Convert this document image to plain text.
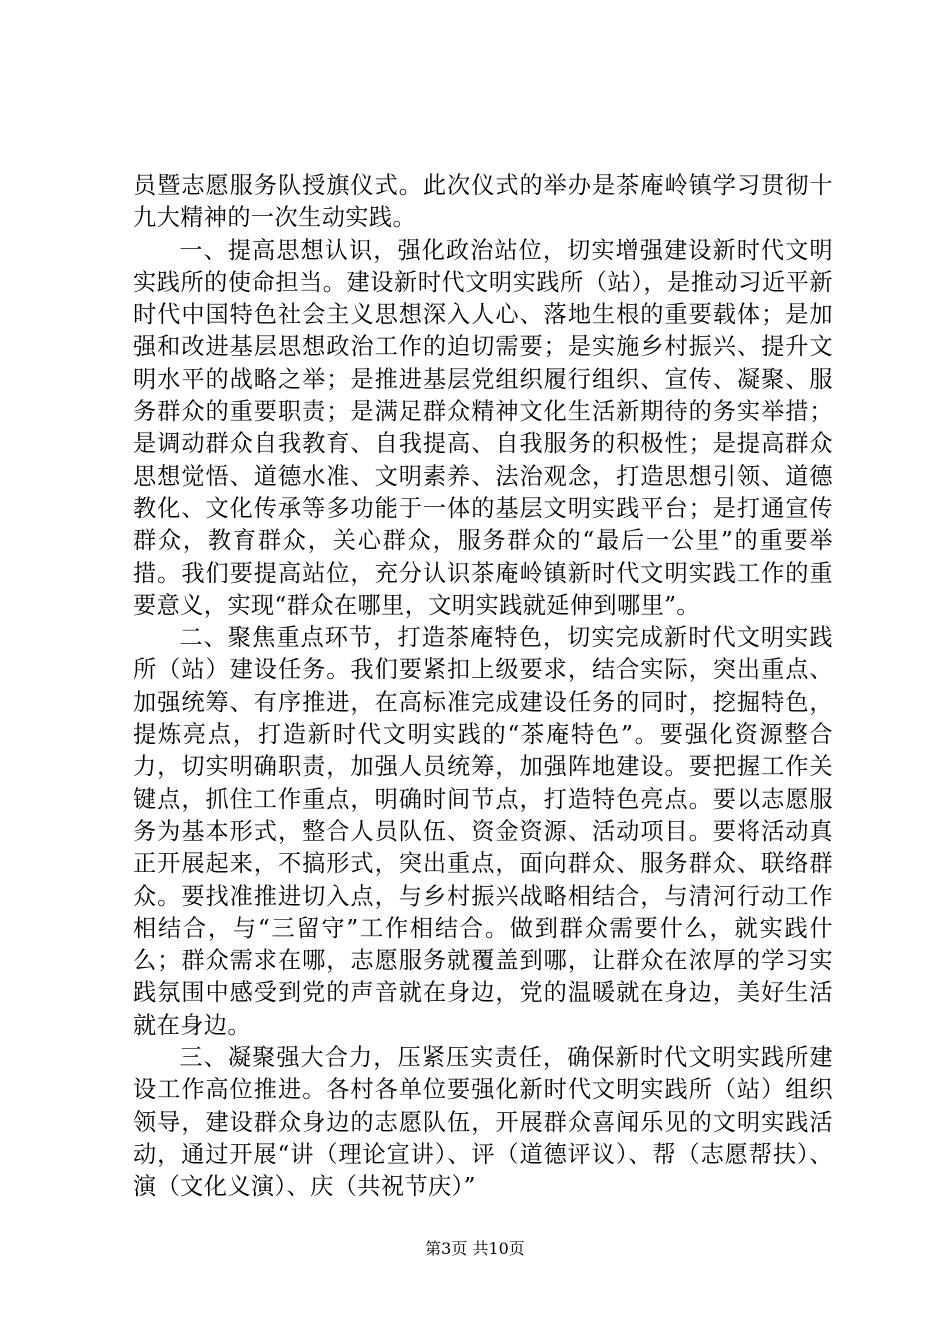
员暨志愿服务队授旗仪式。此次仪式的举办是茶庵岭镇学习贯彻十九大精神的一次生动实践。

一、提高思想认识，强化政治站位，切实增强建设新时代文明实践所的使命担当。建设新时代文明实践所（站），是推动习近平新时代中国特色社会主义思想深入人心、落地生根的重要载体；是加强和改进基层思想政治工作的迫切需要；是实施乡村振兴、提升文明水平的战略之举；是推进基层党组织履行组织、宣传、凝聚、服务群众的重要职责；是满足群众精神文化生活新期待的务实举措；是调动群众自我教育、自我提高、自我服务的积极性；是提高群众思想觉悟、道德水准、文明素养、法治观念，打造思想引领、道德教化、文化传承等多功能于一体的基层文明实践平台；是打通宣传群众，教育群众，关心群众，服务群众的“最后一公里”的重要举措。我们要提高站位，充分认识茶庵岭镇新时代文明实践工作的重要意义，实现“群众在哪里，文明实践就延伸到哪里”。

二、聚焦重点环节，打造茶庵特色，切实完成新时代文明实践所（站）建设任务。我们要紧扣上级要求，结合实际，突出重点、加强统筹、有序推进，在高标准完成建设任务的同时，挖掘特色，提炼亮点，打造新时代文明实践的“茶庵特色”。要强化资源整合力，切实明确职责，加强人员统筹，加强阵地建设。要把握工作关键点，抓住工作重点，明确时间节点，打造特色亮点。要以志愿服务为基本形式，整合人员队伍、资金资源、活动项目。要将活动真正开展起来，不搞形式，突出重点，面向群众、服务群众、联络群众。要找准推进切入点，与乡村振兴战略相结合，与清河行动工作相结合，与“三留守”工作相结合。做到群众需要什么，就实践什么；群众需求在哪，志愿服务就覆盖到哪，让群众在浓厚的学习实践氛围中感受到党的声音就在身边，党的温暖就在身边，美好生活就在身边。

三、凝聚强大合力，压紧压实责任，确保新时代文明实践所建设工作高位推进。各村各单位要强化新时代文明实践所（站）组织领导，建设群众身边的志愿队伍，开展群众喜闻乐见的文明实践活动，通过开展“讲（理论宣讲）、评（道德评议）、帮（志愿帮扶）、演（文化义演）、庆（共祝节庆）”

第3页 共10页
